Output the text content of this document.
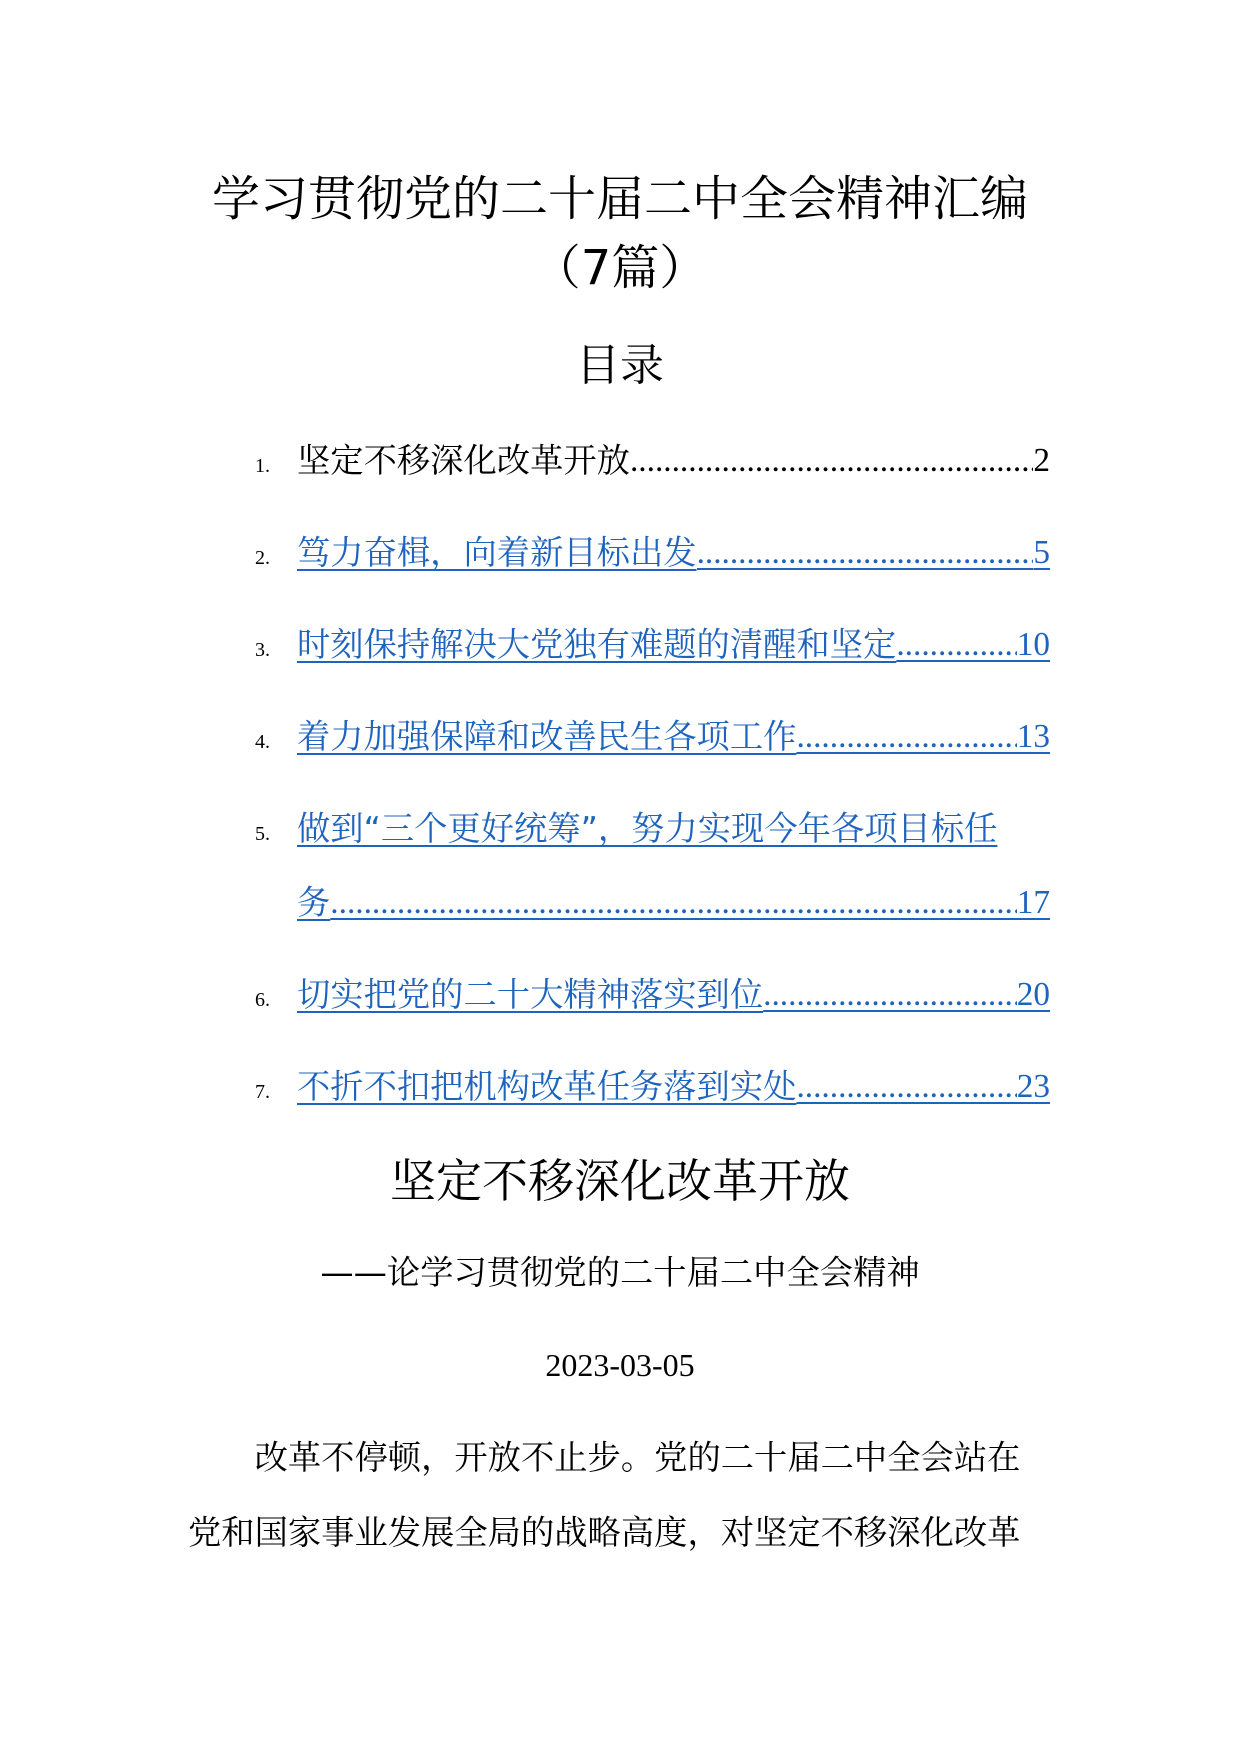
学习贯彻党的二十届二中全会精神汇编
（7篇）
目录
1. 坚定不移深化改革开放 .....	2
2. 笃力奋楫，向着新目标出发 .....	5
3. 时刻保持解决大党独有难题的清醒和坚定 .....	10
4. 着力加强保障和改善民生各项工作 .....	13
5. 做到“三个更好统筹”，努力实现今年各项目标任
务 .....	17
6. 切实把党的二十大精神落实到位 .....	20
7. 不折不扣把机构改革任务落到实处 .....	23
坚定不移深化改革开放
——论学习贯彻党的二十届二中全会精神
2023-03-05
改革不停顿，开放不止步。党的二十届二中全会站在党和国家事业发展全局的战略高度，对坚定不移深化改革
